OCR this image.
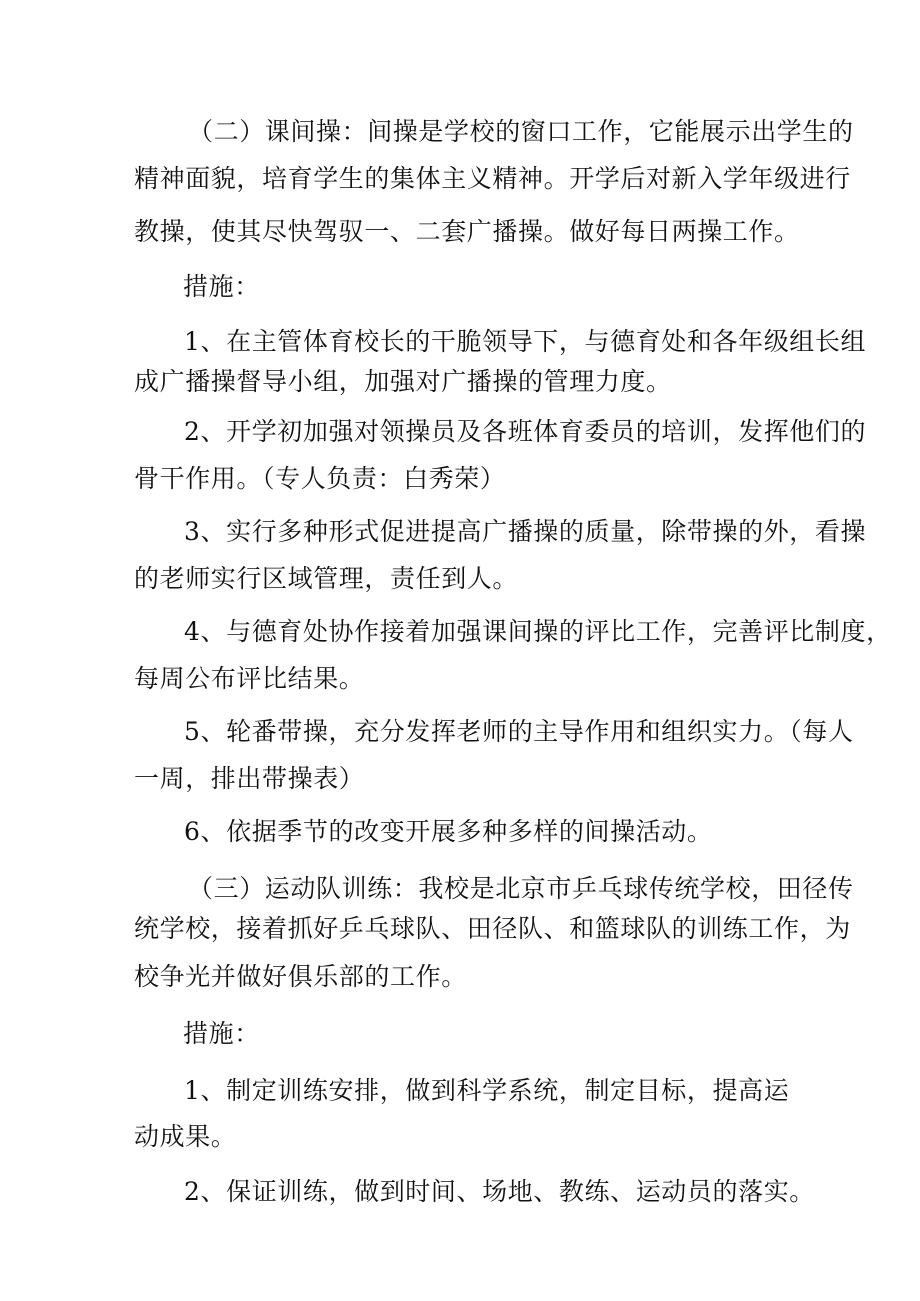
（二）课间操：间操是学校的窗口工作，它能展示出学生的
精神面貌，培育学生的集体主义精神。开学后对新入学年级进行
教操，使其尽快驾驭一、二套广播操。做好每日两操工作。
措施：
1、在主管体育校长的干脆领导下，与德育处和各年级组长组
成广播操督导小组，加强对广播操的管理力度。
2、开学初加强对领操员及各班体育委员的培训，发挥他们的
骨干作用。（专人负责：白秀荣）
3、实行多种形式促进提高广播操的质量，除带操的外，看操
的老师实行区域管理，责任到人。
4、与德育处协作接着加强课间操的评比工作，完善评比制度，
每周公布评比结果。
5、轮番带操，充分发挥老师的主导作用和组织实力。（每人
一周，排出带操表）
6、依据季节的改变开展多种多样的间操活动。
（三）运动队训练：我校是北京市乒乓球传统学校，田径传
统学校，接着抓好乒乓球队、田径队、和篮球队的训练工作，为
校争光并做好俱乐部的工作。
措施：
1、制定训练安排，做到科学系统，制定目标，提高运
动成果。
2、保证训练，做到时间、场地、教练、运动员的落实。
